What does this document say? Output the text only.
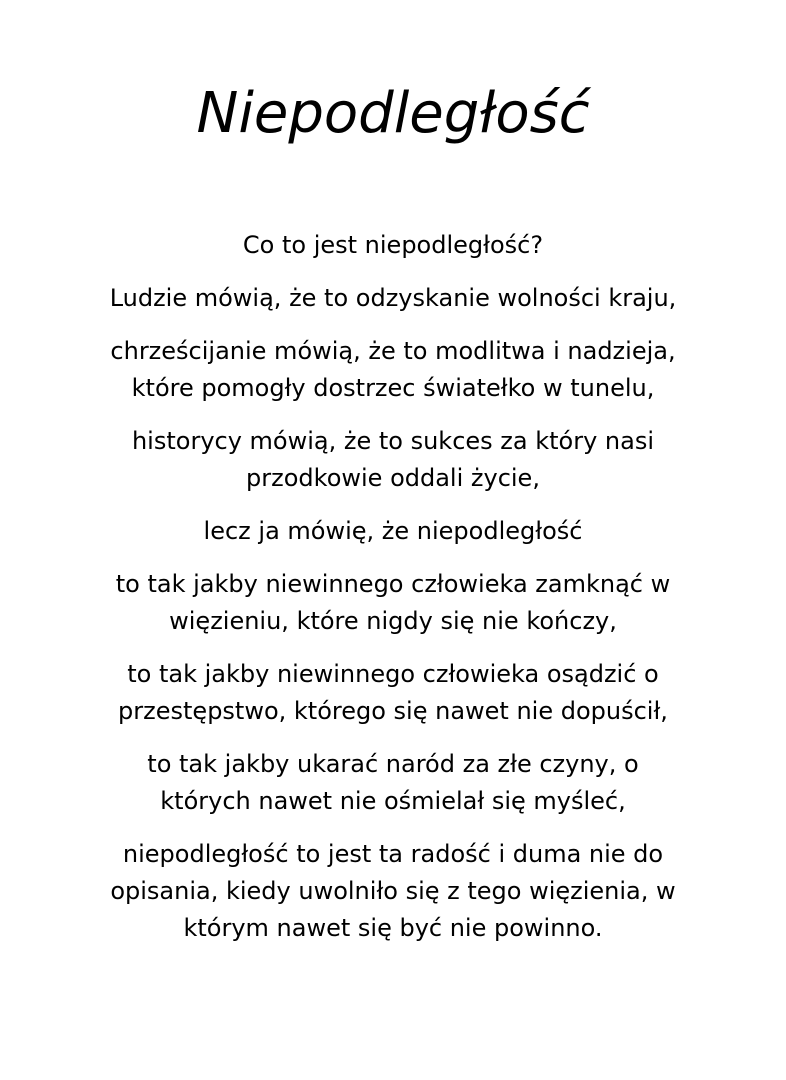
Niepodległość

Co to jest niepodległość?

Ludzie mówią, że to odzyskanie wolności kraju,

chrześcijanie mówią, że to modlitwa i nadzieja,
które pomogły dostrzec światełko w tunelu,

historycy mówią, że to sukces za który nasi
przodkowie oddali życie,

lecz ja mówię, że niepodległość

to tak jakby niewinnego człowieka zamknąć w
więzieniu, które nigdy się nie kończy,

to tak jakby niewinnego człowieka osądzić o
przestępstwo, którego się nawet nie dopuścił,

to tak jakby ukarać naród za złe czyny, o
których nawet nie ośmielał się myśleć,

niepodległość to jest ta radość i duma nie do
opisania, kiedy uwolniło się z tego więzienia, w
którym nawet się być nie powinno.
